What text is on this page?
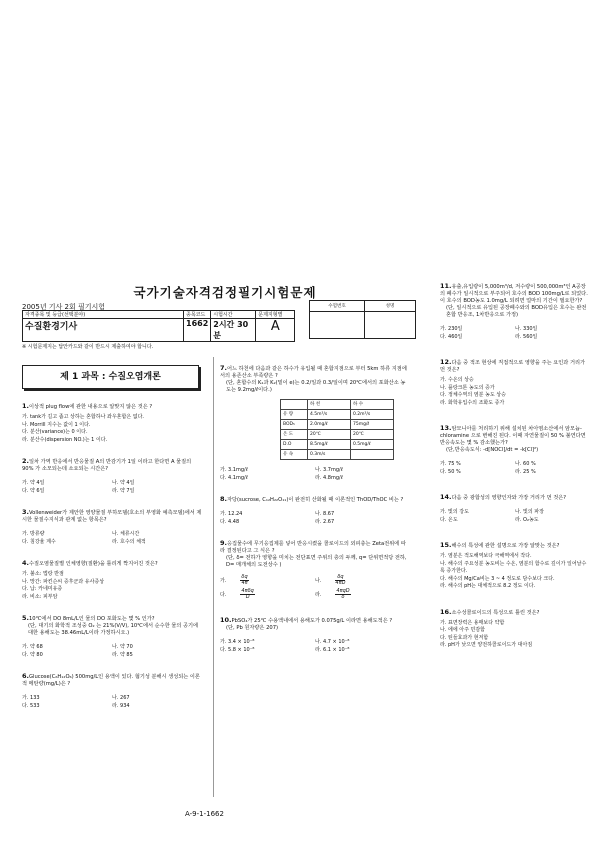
국가기술자격검정필기시험문제
2005년 기사 2회 필기시험	수험번호	성명

자격종목 및 등급(선택분야)	종목코드	시험시간	문제지형별
수질환경기사	1662	2시간 30분	A
※ 시험문제지는 답안카드와 같이 반드시 제출하여야 합니다.
제 1 과목 : 수질오염개론
1.이상적 plug flow에 관한 내용으로 알맞지 않은 것은 ?
가. tank가 길고 좁고 상하는 혼합하나 좌우혼합은 없다.
나. Morrill 지수는 값이 1 이다.
다. 분산(variance)는 0 이다.
라. 분산수(dispersion NO.)는 1 이다.
2.일차 가역 반응에서 반응물질 A의 반감기가 1일 이라고 한다면 A 물질의 90% 가 소모되는데 소요되는 시간은?
가. 약 4일	나. 약 4일
다. 약 6일	라. 약 7일
3.Vollenweider가 제안한 영양물질 부하모델(호소의 부영화 예측모델)에서 제시한 물질수지식과 관계 없는 항목은?
가. 방류량	나. 체류시간
다. 침강율 계수	라. 호수의 체적
4.수질오염물질별 인체영향(질환)을 틀리게 짝지어진 것은?
가. 불소: 법랑 반점
나. 망간: 파킨슨씨 증후군과 유사증상
다. 납: 카네미유증
라. 비소: 피부암
5.10℃에서 DO 8mL/L인 물의 DO 포화도는 몇 % 인가?
(단, 대기의 화학적 조성중 O₂ 는 21%(V/V), 10℃에서 순수한 물의 공기에 대한 용해도는 38.46mL/L이라 가정하시오.)
가. 약 68	나. 약 70
다. 약 80	라. 약 85
6.Glucose(C₆H₁₂O₆) 500mg/L인 용액이 있다. 혐기성 분해시 생성되는 이론적 메탄량(mg/L)은 ?
가. 133	나. 267
다. 533	라. 934
7.어느 하천에 다음과 같은 하수가 유입될 때 혼합지점으로 부터 5km 하류 지점에서의 용존산소 부족량은 ?
(단, 혼합수의 K₁과 K₂(밑이 e)는 0.2/일과 0.3/일이며 20℃에서의 포화산소 농도는 9.2mg/ℓ이다.)
	하 천	하 수
유 량	4.5m³/s	0.2m³/s
BOD₅	2.0mg/ℓ	75mg/ℓ
온 도	20℃	20℃
D.O	8.5mg/ℓ	0.5mg/ℓ
유 속	0.3m/s	
가. 3.1mg/ℓ	나. 3.7mg/ℓ
다. 4.1mg/ℓ	라. 4.8mg/ℓ
8.자당(sucrose, C₁₂H₂₂O₁₁)이 완전히 산화될 때 이론적인 ThOD/ThOC 비는 ?
가. 12.24	나. 8.67
다. 4.48	라. 2.67
9.응집물수에 무기응집제를 넣어 반응시켰을 콜로이드의 외피층는 Zeta전위에 따라 결정된다고 그 식은 ?
(단, δ= 전하가 영향을 미치는 전단표면 주위의 층의 두께, q= 단위면적당 전하, D= 매개체의 도전상수 )
가.	$\frac{\delta q}{4\pi}$	나.	$\frac{\delta q}{4\pi D}$
다.	$\frac{\text{4πδq}}{D}$	라.	$\frac{\text{4πqD}}{\delta}$
10.PbSO₄가 25℃ 수용액내에서 용해도가 0.075g/L 이라면 용해도적은 ?
(단, Pb 원자량은 207)
가. 3.4 × 10⁻⁸	나. 4.7 × 10⁻⁸
다. 5.8 × 10⁻⁸	라. 6.1 × 10⁻⁸
11.유출,유입량이 5,000m³/d, 저수량이 500,000m³인 A공장의 폐수가 일시적으로 부주되어 호수의 BOD 100mg/L로 되었다. 이 호수의 BOD농도 1.0mg/L 되려면 얼마의 기간이 필요한가?
(단, 일시적으로 유입된 공장폐수와의 BOD유입은 호수는 완전 혼합 반응조, 1차반응으로 가정)
가. 230일	나. 330일
다. 460일	라. 560일
12.다음 중 적조 현상에 직접적으로 영향을 주는 요인과 거리가 먼 것은?
가. 수온의 상승
나. 플랑크톤 농도의 증가
다. 정체수역의 염분 농도 상승
라. 화학유입수의 조화도 증가
13.암모니아를 처리하기 위해 설치된 차아염소산에서 암모늄-chloramine 으로 변해진 된다. 이때 자연물질이 50 % 불연다면 반응속도는 몇 % 감소했는가?
(단,반응속도식: -d[NOCl]/dt = -k[Cl]²)
가. 75 %	나. 60 %
다. 50 %	라. 25 %
14.다음 중 광합성의 영향인자와 가장 거리가 먼 것은?
가. 빛의 강도	나. 빛의 파장
다. 온도	라. O₂농도
15.해수의 특성에 관한 설명으로 가장 알맞는 것은?
가. 염분은 적도해역보다 극해역에서 작다.
나. 해수의 주요성분 농도비는 수온, 염분의 함수로 깊이가 일어날수록 증가한다.
다. 해수의 Mg/Ca비는 3 ~ 4 정도로 담수보다 크다.
라. 해수의 pH는 대체적으로 8.2 정도 이다.
16.소수성콜로이드의 특성으로 틀린 것은?
가. 표면장력은 용매보다 약함
나. 에에 아주 민감함
다. 틴들효과가 현저함
라. pH가 낮으면 양전하콜로이드가 대아짐
A-9-1-1662
